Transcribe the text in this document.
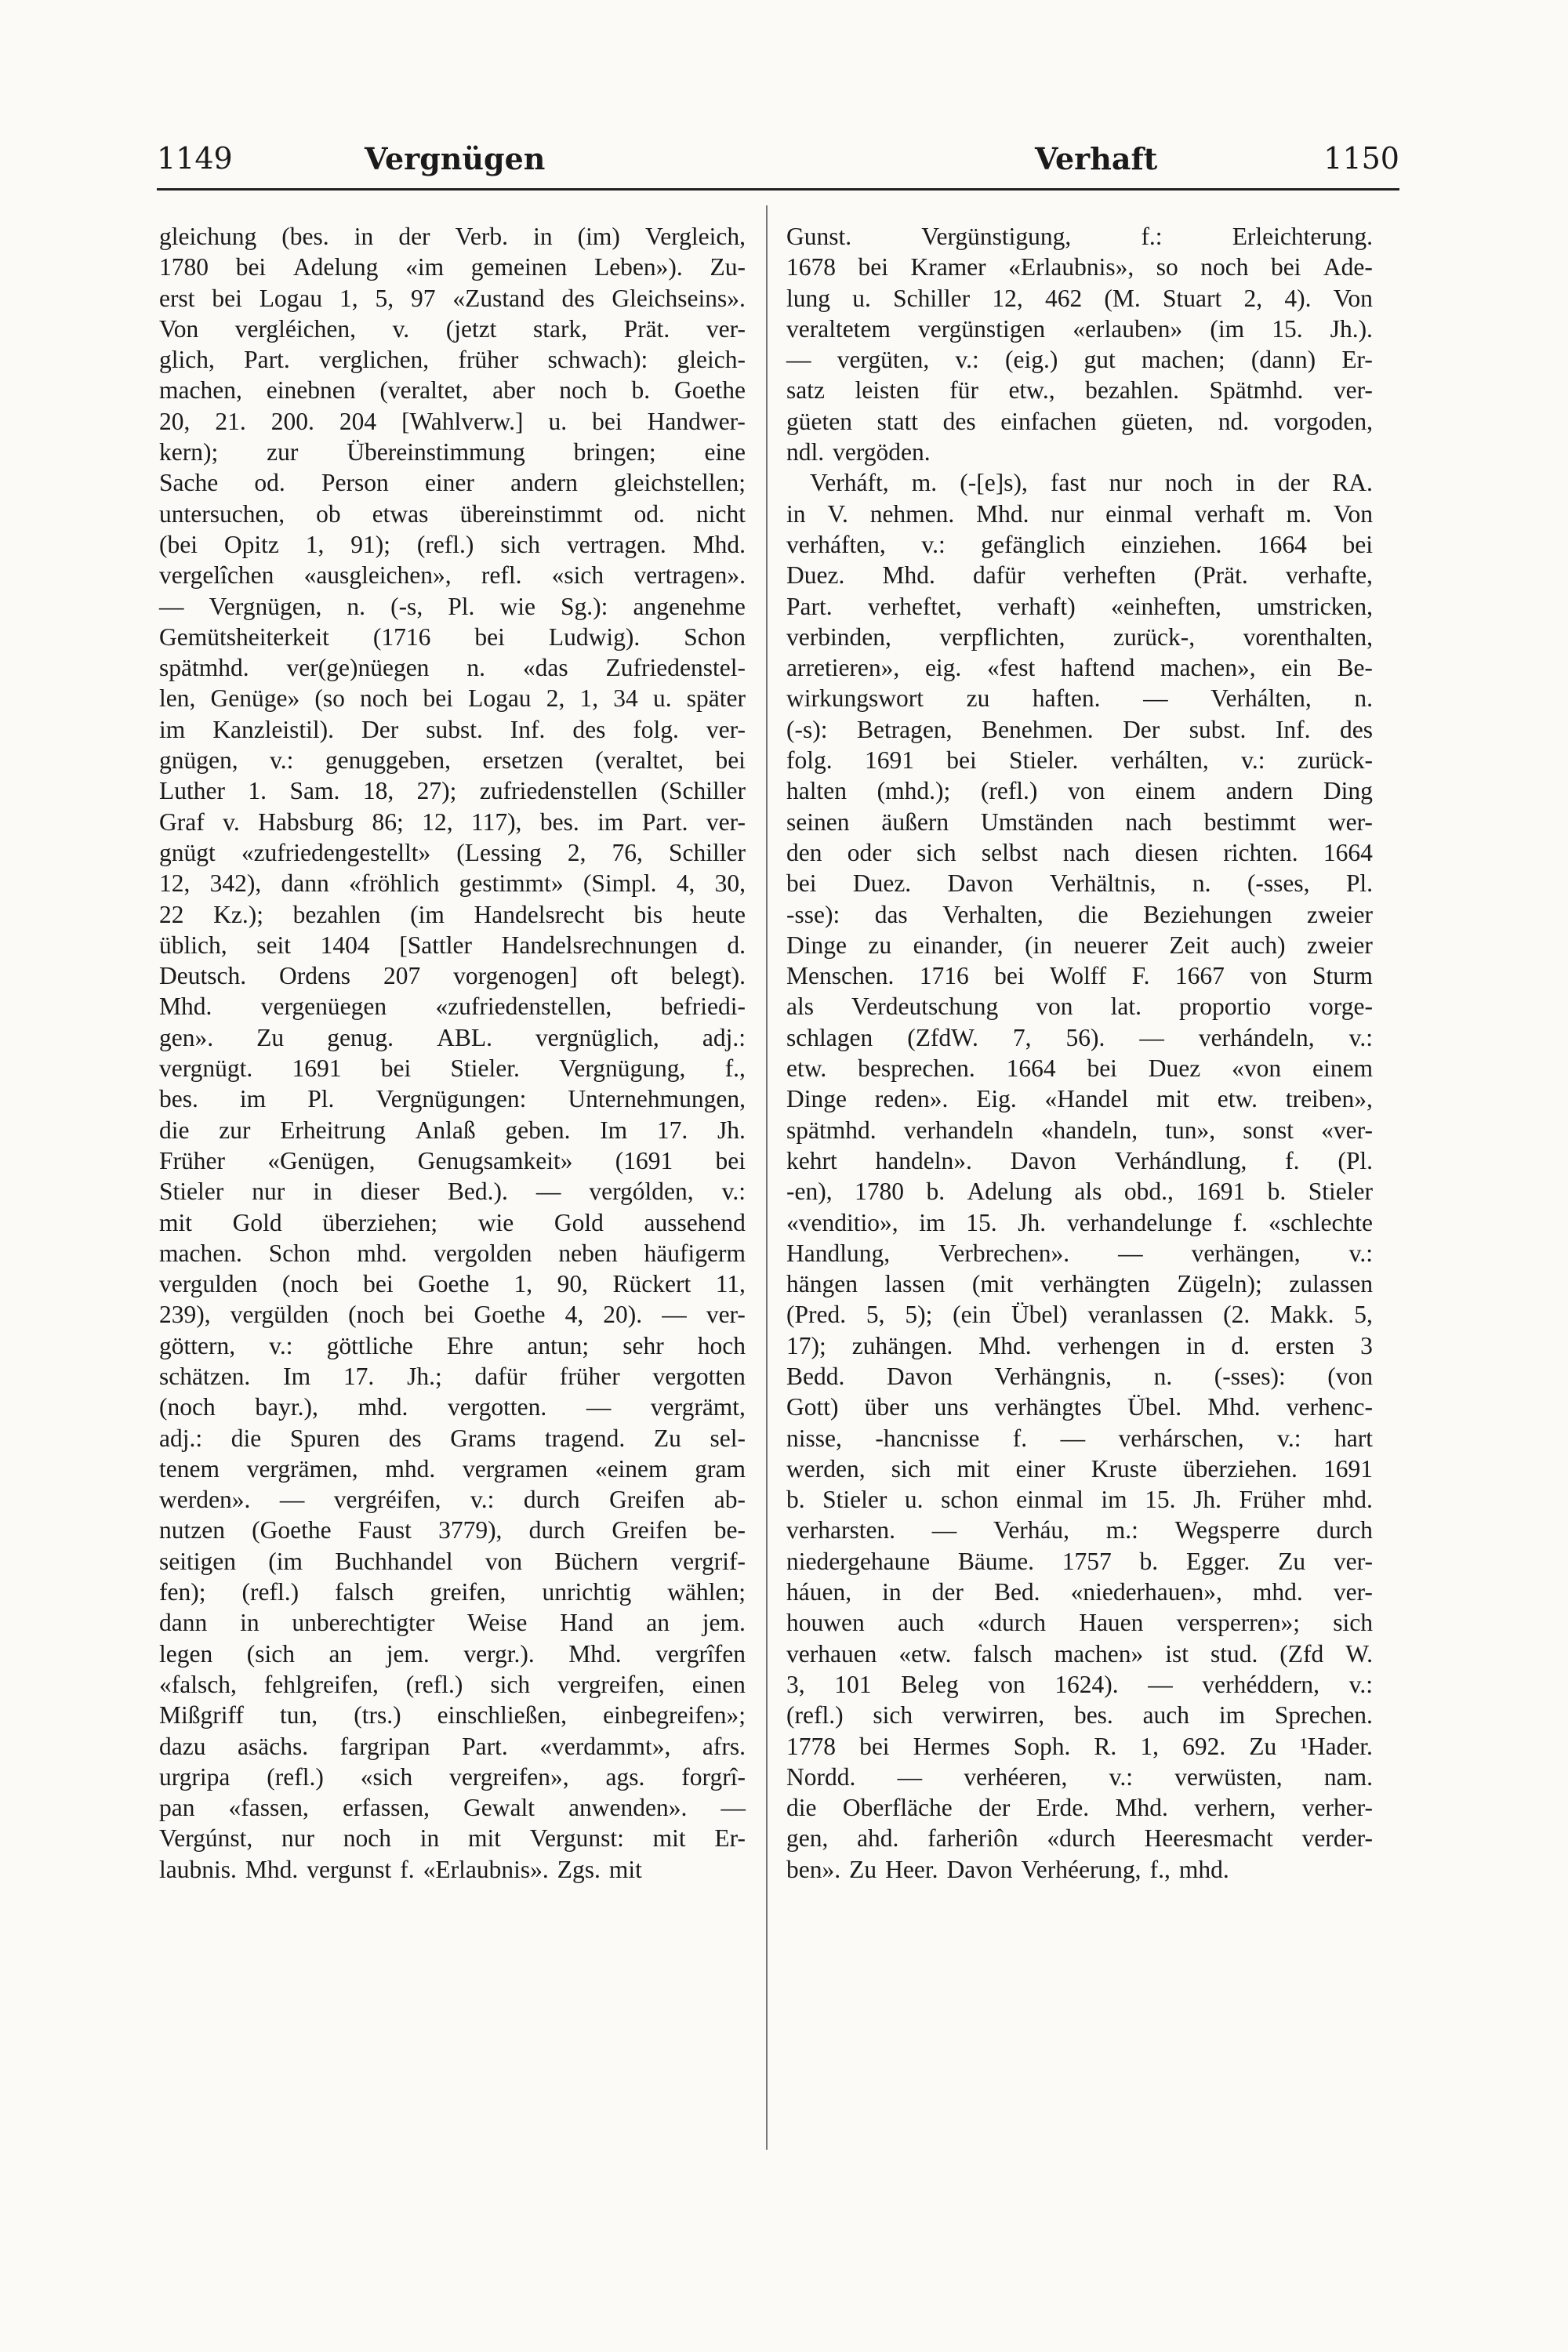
1149	Vergnügen	Verhaft	1150
gleichung (bes. in der Verb. in (im) Vergleich,
1780 bei Adelung «im gemeinen Leben»). Zu-
erst bei Logau 1, 5, 97 «Zustand des Gleichseins».
Von vergléichen, v. (jetzt stark, Prät. ver-
glich, Part. verglichen, früher schwach): gleich-
machen, einebnen (veraltet, aber noch b. Goethe
20, 21. 200. 204 [Wahlverw.] u. bei Handwer-
kern); zur Übereinstimmung bringen; eine
Sache od. Person einer andern gleichstellen;
untersuchen, ob etwas übereinstimmt od. nicht
(bei Opitz 1, 91); (refl.) sich vertragen. Mhd.
vergelîchen «ausgleichen», refl. «sich vertragen».
— Vergnügen, n. (-s, Pl. wie Sg.): angenehme
Gemütsheiterkeit (1716 bei Ludwig). Schon
spätmhd. ver(ge)nüegen n. «das Zufriedenstel-
len, Genüge» (so noch bei Logau 2, 1, 34 u. später
im Kanzleistil). Der subst. Inf. des folg. ver-
gnügen, v.: genuggeben, ersetzen (veraltet, bei
Luther 1. Sam. 18, 27); zufriedenstellen (Schiller
Graf v. Habsburg 86; 12, 117), bes. im Part. ver-
gnügt «zufriedengestellt» (Lessing 2, 76, Schiller
12, 342), dann «fröhlich gestimmt» (Simpl. 4, 30,
22 Kz.); bezahlen (im Handelsrecht bis heute
üblich, seit 1404 [Sattler Handelsrechnungen d.
Deutsch. Ordens 207 vorgenogen] oft belegt).
Mhd. vergenüegen «zufriedenstellen, befriedi-
gen». Zu genug. ABL. vergnüglich, adj.:
vergnügt. 1691 bei Stieler. Vergnügung, f.,
bes. im Pl. Vergnügungen: Unternehmungen,
die zur Erheitrung Anlaß geben. Im 17. Jh.
Früher «Genügen, Genugsamkeit» (1691 bei
Stieler nur in dieser Bed.). — vergólden, v.:
mit Gold überziehen; wie Gold aussehend
machen. Schon mhd. vergolden neben häufigerm
vergulden (noch bei Goethe 1, 90, Rückert 11,
239), vergülden (noch bei Goethe 4, 20). — ver-
göttern, v.: göttliche Ehre antun; sehr hoch
schätzen. Im 17. Jh.; dafür früher vergotten
(noch bayr.), mhd. vergotten. — vergrämt,
adj.: die Spuren des Grams tragend. Zu sel-
tenem vergrämen, mhd. vergramen «einem gram
werden». — vergréifen, v.: durch Greifen ab-
nutzen (Goethe Faust 3779), durch Greifen be-
seitigen (im Buchhandel von Büchern vergrif-
fen); (refl.) falsch greifen, unrichtig wählen;
dann in unberechtigter Weise Hand an jem.
legen (sich an jem. vergr.). Mhd. vergrîfen
«falsch, fehlgreifen, (refl.) sich vergreifen, einen
Mißgriff tun, (trs.) einschließen, einbegreifen»;
dazu asächs. fargripan Part. «verdammt», afrs.
urgripa (refl.) «sich vergreifen», ags. forgrî-
pan «fassen, erfassen, Gewalt anwenden». —
Vergúnst, nur noch in mit Vergunst: mit Er-
laubnis. Mhd. vergunst f. «Erlaubnis». Zgs. mit
Gunst.	Vergünstigung,	f.:	Erleichterung.
1678 bei Kramer «Erlaubnis», so noch bei Ade-
lung u. Schiller 12, 462 (M. Stuart 2, 4). Von
veraltetem vergünstigen «erlauben» (im 15. Jh.).
— vergüten, v.: (eig.) gut machen; (dann) Er-
satz leisten für etw., bezahlen. Spätmhd. ver-
güeten statt des einfachen güeten, nd. vorgoden,
ndl. vergöden.
Verháft, m. (-[e]s), fast nur noch in der RA.
in V. nehmen. Mhd. nur einmal verhaft m. Von
verháften, v.: gefänglich einziehen. 1664 bei
Duez. Mhd. dafür verheften (Prät. verhafte,
Part. verheftet, verhaft) «einheften, umstricken,
verbinden, verpflichten, zurück-, vorenthalten,
arretieren», eig. «fest haftend machen», ein Be-
wirkungswort zu haften. — Verhálten, n.
(-s): Betragen, Benehmen. Der subst. Inf. des
folg. 1691 bei Stieler. verhálten, v.: zurück-
halten (mhd.); (refl.) von einem andern Ding
seinen äußern Umständen nach bestimmt wer-
den oder sich selbst nach diesen richten. 1664
bei Duez. Davon Verhältnis, n. (-sses, Pl.
-sse): das Verhalten, die Beziehungen zweier
Dinge zu einander, (in neuerer Zeit auch) zweier
Menschen. 1716 bei Wolff F. 1667 von Sturm
als Verdeutschung von lat. proportio vorge-
schlagen (ZfdW. 7, 56). — verhándeln, v.:
etw. besprechen. 1664 bei Duez «von einem
Dinge reden». Eig. «Handel mit etw. treiben»,
spätmhd. verhandeln «handeln, tun», sonst «ver-
kehrt handeln». Davon Verhándlung, f. (Pl.
-en), 1780 b. Adelung als obd., 1691 b. Stieler
«venditio», im 15. Jh. verhandelunge f. «schlechte
Handlung, Verbrechen». — verhängen, v.:
hängen lassen (mit verhängten Zügeln); zulassen
(Pred. 5, 5); (ein Übel) veranlassen (2. Makk. 5,
17); zuhängen. Mhd. verhengen in d. ersten 3
Bedd. Davon Verhängnis, n. (-sses): (von
Gott) über uns verhängtes Übel. Mhd. verhenc-
nisse, -hancnisse f. — verhárschen, v.: hart
werden, sich mit einer Kruste überziehen. 1691
b. Stieler u. schon einmal im 15. Jh. Früher mhd.
verharsten. — Verháu, m.: Wegsperre durch
niedergehaune Bäume. 1757 b. Egger. Zu ver-
háuen, in der Bed. «niederhauen», mhd. ver-
houwen auch «durch Hauen versperren»; sich
verhauen «etw. falsch machen» ist stud. (Zfd W.
3, 101 Beleg von 1624). — verhéddern, v.:
(refl.) sich verwirren, bes. auch im Sprechen.
1778 bei Hermes Soph. R. 1, 692. Zu ¹Hader.
Nordd. — verhéeren, v.: verwüsten, nam.
die Oberfläche der Erde. Mhd. verhern, verher-
gen, ahd. farheriôn «durch Heeresmacht verder-
ben». Zu Heer. Davon Verhéerung, f., mhd.
